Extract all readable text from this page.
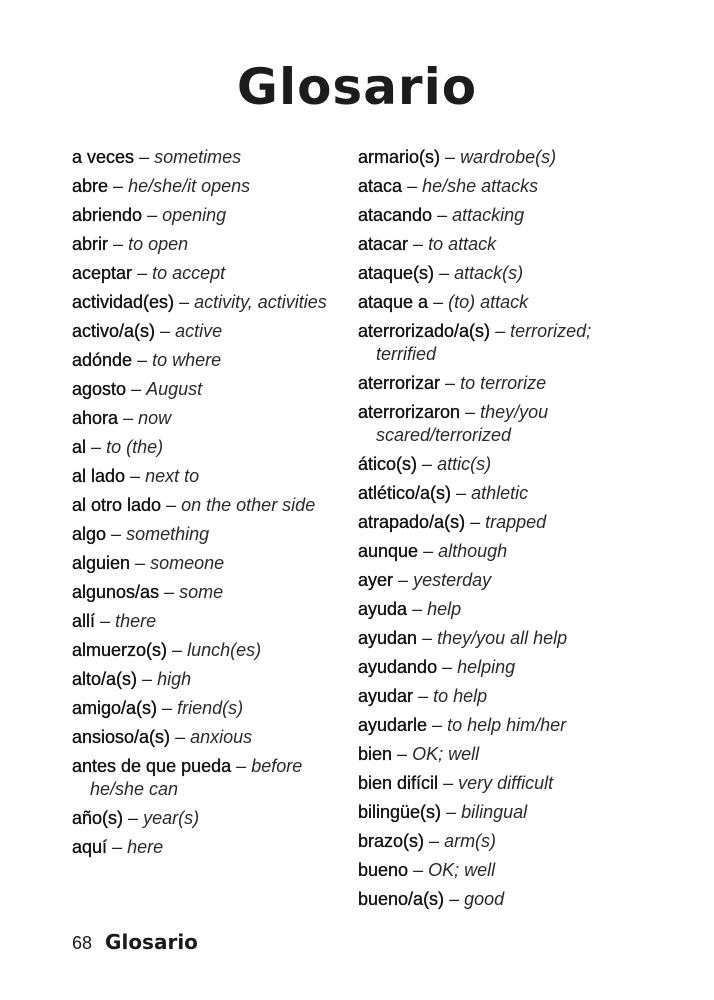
Glosario
a veces – sometimes
abre – he/she/it opens
abriendo – opening
abrir – to open
aceptar – to accept
actividad(es) – activity, activities
activo/a(s) – active
adónde – to where
agosto – August
ahora – now
al – to (the)
al lado – next to
al otro lado – on the other side
algo – something
alguien – someone
algunos/as – some
allí – there
almuerzo(s) – lunch(es)
alto/a(s) – high
amigo/a(s) – friend(s)
ansioso/a(s) – anxious
antes de que pueda – before he/she can
año(s) – year(s)
aquí – here
armario(s) – wardrobe(s)
ataca – he/she attacks
atacando – attacking
atacar – to attack
ataque(s) – attack(s)
ataque a – (to) attack
aterrorizado/a(s) – terrorized; terrified
aterrorizar – to terrorize
aterrorizaron – they/you scared/terrorized
ático(s) – attic(s)
atlético/a(s) – athletic
atrapado/a(s) – trapped
aunque – although
ayer – yesterday
ayuda – help
ayudan – they/you all help
ayudando – helping
ayudar – to help
ayudarle – to help him/her
bien – OK; well
bien difícil – very difficult
bilingüe(s) – bilingual
brazo(s) – arm(s)
bueno – OK; well
bueno/a(s) – good
68 Glosario
